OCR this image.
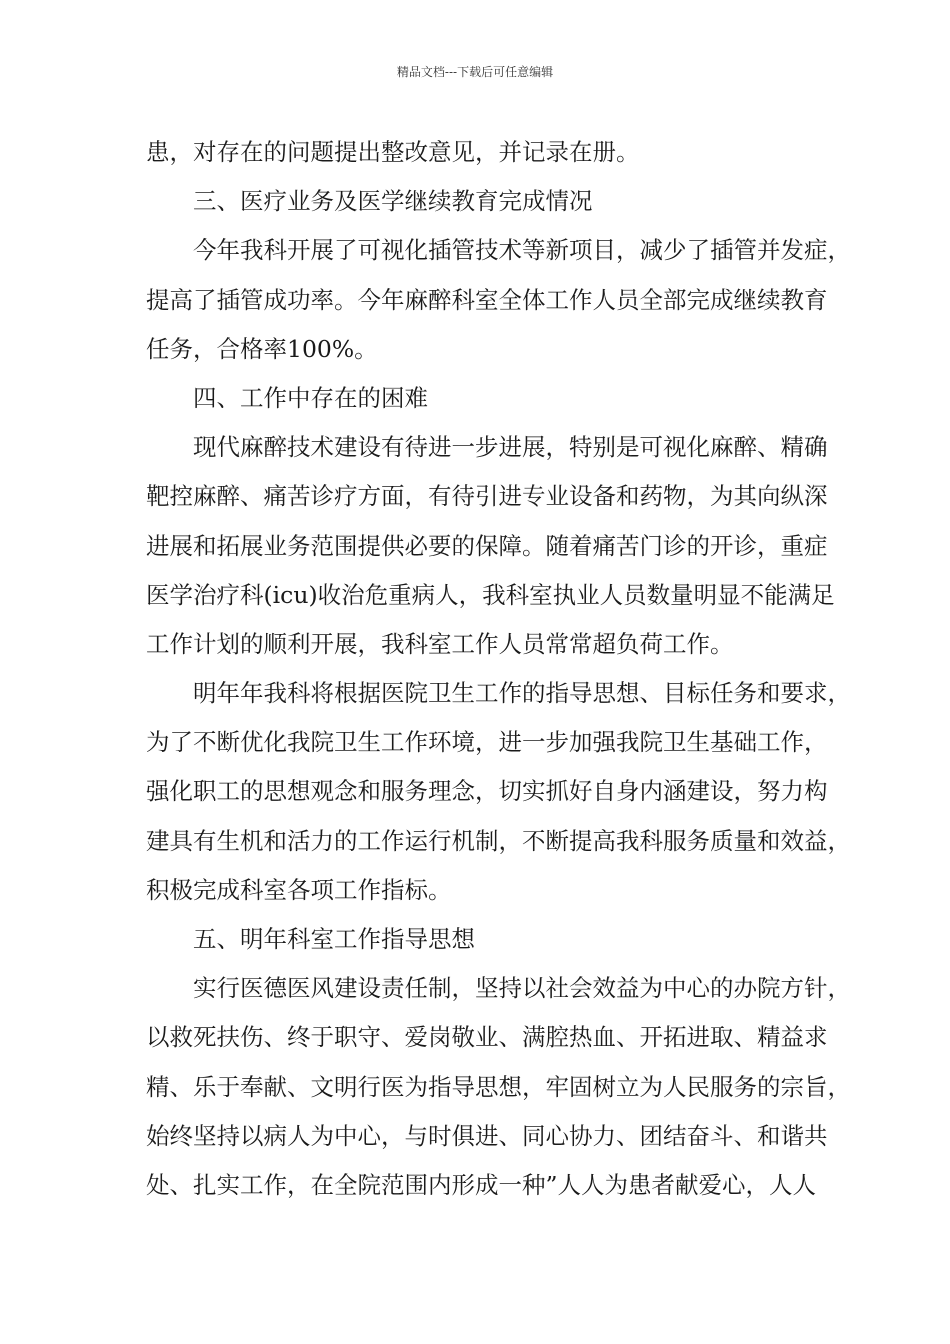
精品文档---下载后可任意编辑
患，对存在的问题提出整改意见，并记录在册。
三、医疗业务及医学继续教育完成情况
今年我科开展了可视化插管技术等新项目，减少了插管并发症，
提高了插管成功率。今年麻醉科室全体工作人员全部完成继续教育
任务，合格率100%。
四、工作中存在的困难
现代麻醉技术建设有待进一步进展，特别是可视化麻醉、精确
靶控麻醉、痛苦诊疗方面，有待引进专业设备和药物，为其向纵深
进展和拓展业务范围提供必要的保障。随着痛苦门诊的开诊，重症
医学治疗科(icu)收治危重病人，我科室执业人员数量明显不能满足
工作计划的顺利开展，我科室工作人员常常超负荷工作。
明年年我科将根据医院卫生工作的指导思想、目标任务和要求，
为了不断优化我院卫生工作环境，进一步加强我院卫生基础工作，
强化职工的思想观念和服务理念，切实抓好自身内涵建设，努力构
建具有生机和活力的工作运行机制，不断提高我科服务质量和效益，
积极完成科室各项工作指标。
五、明年科室工作指导思想
实行医德医风建设责任制，坚持以社会效益为中心的办院方针，
以救死扶伤、终于职守、爱岗敬业、满腔热血、开拓进取、精益求
精、乐于奉献、文明行医为指导思想，牢固树立为人民服务的宗旨，
始终坚持以病人为中心，与时俱进、同心协力、团结奋斗、和谐共
处、扎实工作，在全院范围内形成一种”人人为患者献爱心，人人
